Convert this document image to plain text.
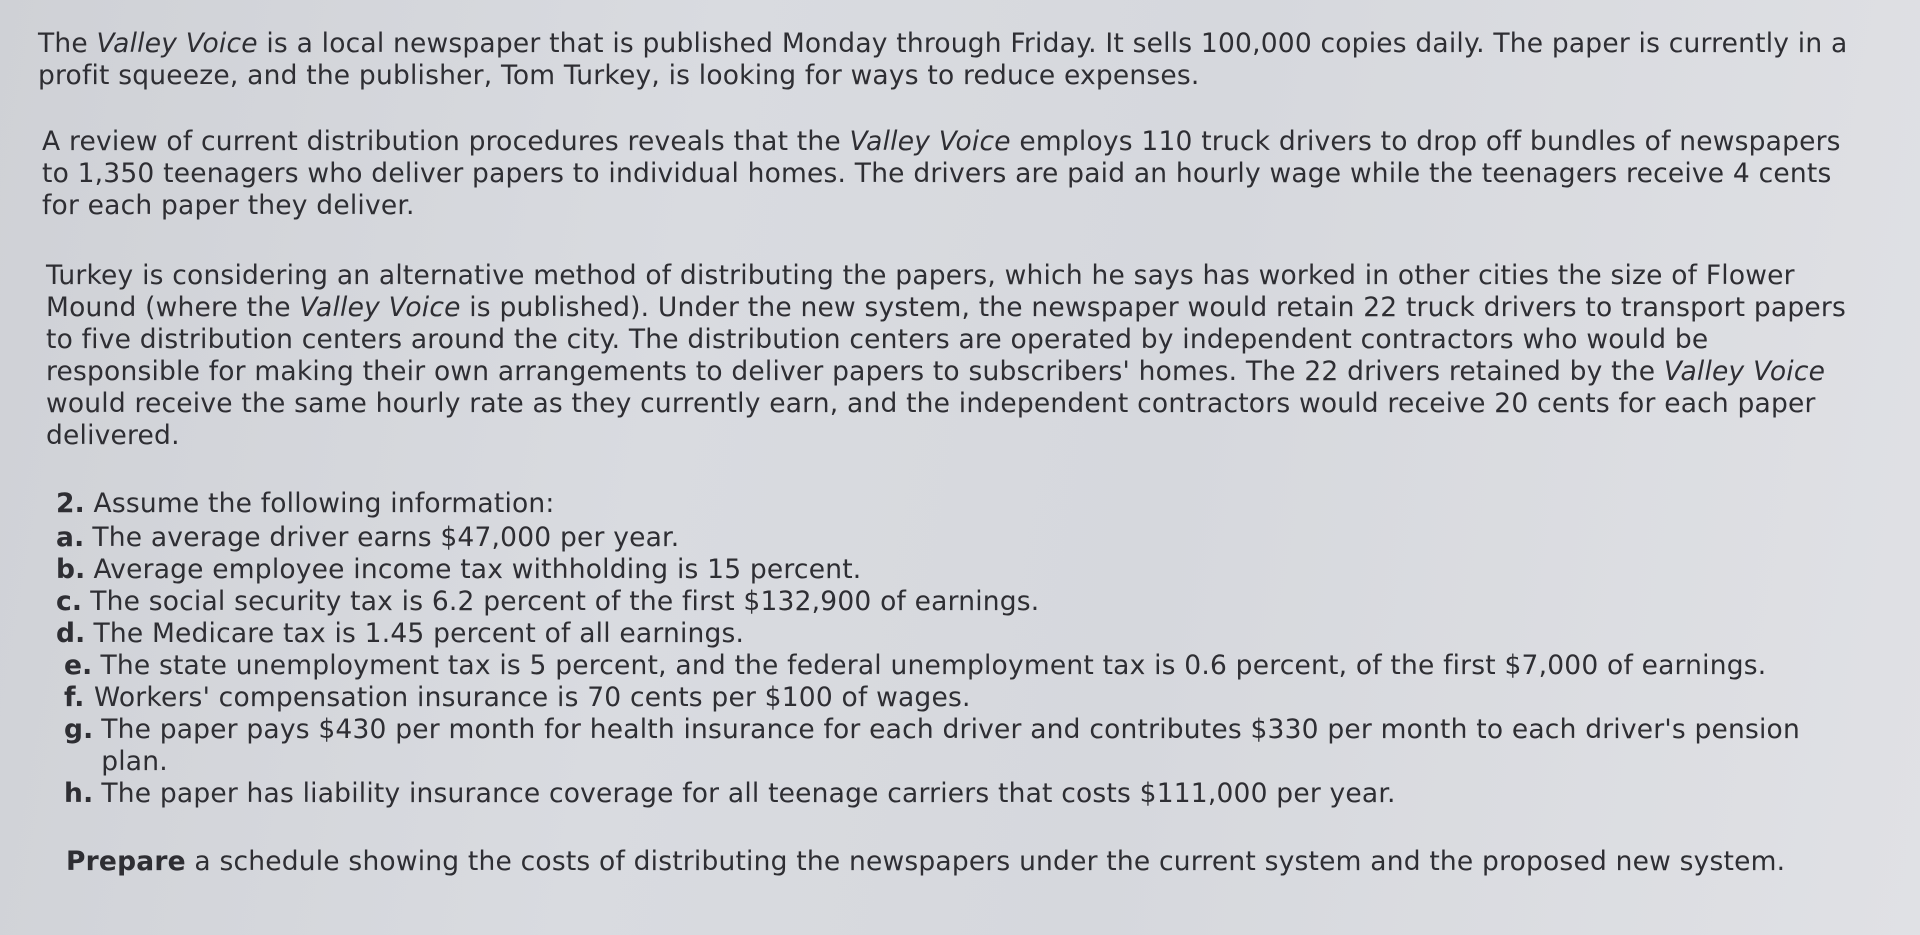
The Valley Voice is a local newspaper that is published Monday through Friday. It sells 100,000 copies daily. The paper is currently in a profit squeeze, and the publisher, Tom Turkey, is looking for ways to reduce expenses.

A review of current distribution procedures reveals that the Valley Voice employs 110 truck drivers to drop off bundles of newspapers to 1,350 teenagers who deliver papers to individual homes. The drivers are paid an hourly wage while the teenagers receive 4 cents for each paper they deliver.

Turkey is considering an alternative method of distributing the papers, which he says has worked in other cities the size of Flower Mound (where the Valley Voice is published). Under the new system, the newspaper would retain 22 truck drivers to transport papers to five distribution centers around the city. The distribution centers are operated by independent contractors who would be responsible for making their own arrangements to deliver papers to subscribers' homes. The 22 drivers retained by the Valley Voice would receive the same hourly rate as they currently earn, and the independent contractors would receive 20 cents for each paper delivered.

2. Assume the following information:
a. The average driver earns $47,000 per year.
b. Average employee income tax withholding is 15 percent.
c. The social security tax is 6.2 percent of the first $132,900 of earnings.
d. The Medicare tax is 1.45 percent of all earnings.
e. The state unemployment tax is 5 percent, and the federal unemployment tax is 0.6 percent, of the first $7,000 of earnings.
f. Workers' compensation insurance is 70 cents per $100 of wages.
g. The paper pays $430 per month for health insurance for each driver and contributes $330 per month to each driver's pension plan.
h. The paper has liability insurance coverage for all teenage carriers that costs $111,000 per year.

Prepare a schedule showing the costs of distributing the newspapers under the current system and the proposed new system.
